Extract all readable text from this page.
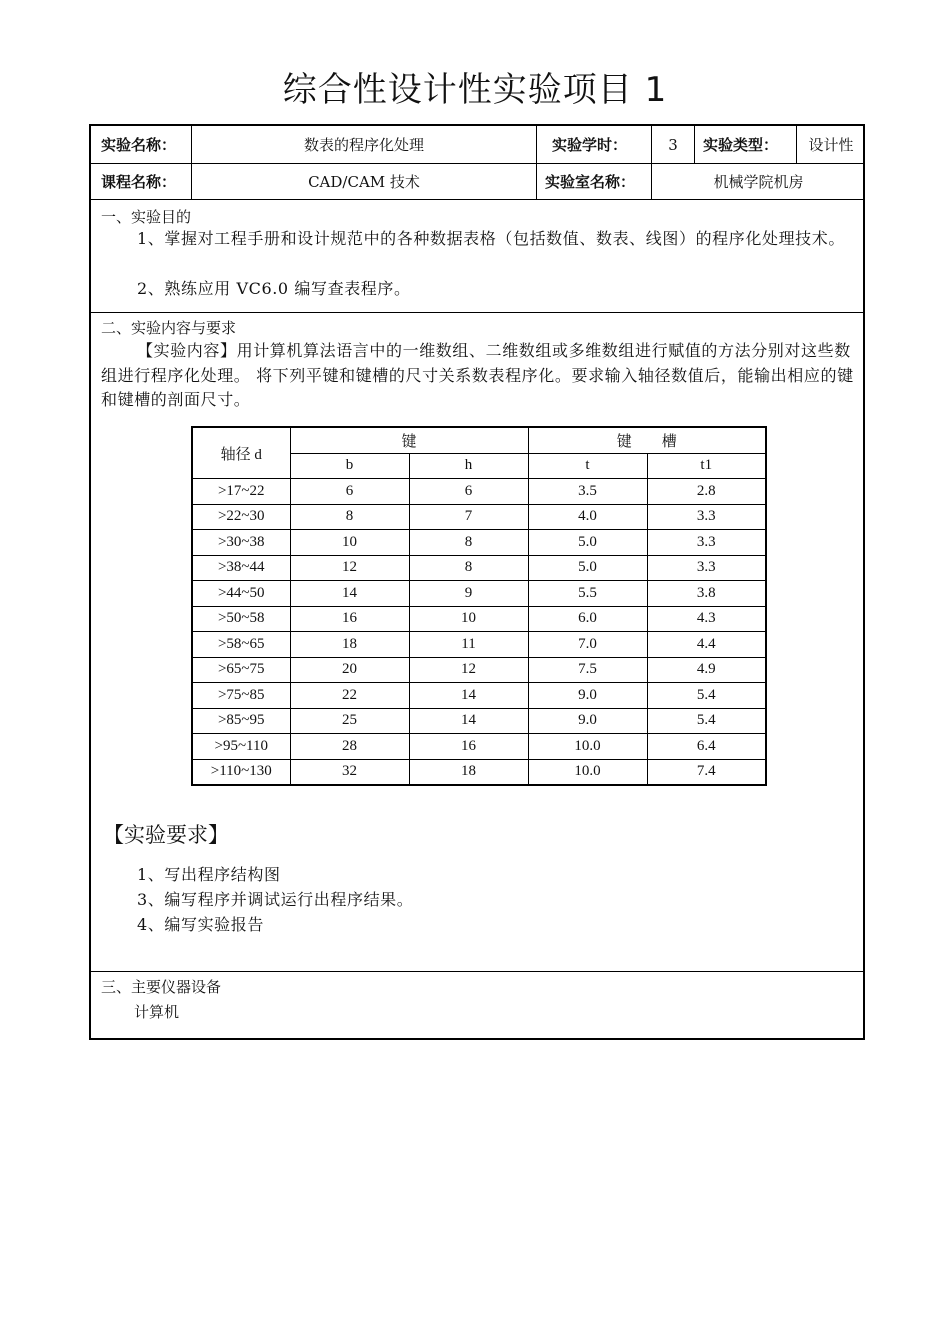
综合性设计性实验项目 1
实验名称：	数表的程序化处理	实验学时：	3	实验类型：	设计性
课程名称：	CAD/CAM 技术	实验室名称：	机械学院机房
一、实验目的
1、掌握对工程手册和设计规范中的各种数据表格（包括数值、数表、线图）的程序化处理技术。
2、熟练应用 VC6.0 编写查表程序。
二、实验内容与要求
【实验内容】用计算机算法语言中的一维数组、二维数组或多维数组进行赋值的方法分别对这些数组进行程序化处理。 将下列平键和键槽的尺寸关系数表程序化。要求输入轴径数值后，能输出相应的键和键槽的剖面尺寸。
轴径 d	键		键　　槽	
	b	h	t	t1
>17~22	6	6	3.5	2.8
>22~30	8	7	4.0	3.3
>30~38	10	8	5.0	3.3
>38~44	12	8	5.0	3.3
>44~50	14	9	5.5	3.8
>50~58	16	10	6.0	4.3
>58~65	18	11	7.0	4.4
>65~75	20	12	7.5	4.9
>75~85	22	14	9.0	5.4
>85~95	25	14	9.0	5.4
>95~110	28	16	10.0	6.4
>110~130	32	18	10.0	7.4
【实验要求】
1、写出程序结构图
3、编写程序并调试运行出程序结果。
4、编写实验报告
三、主要仪器设备
计算机
